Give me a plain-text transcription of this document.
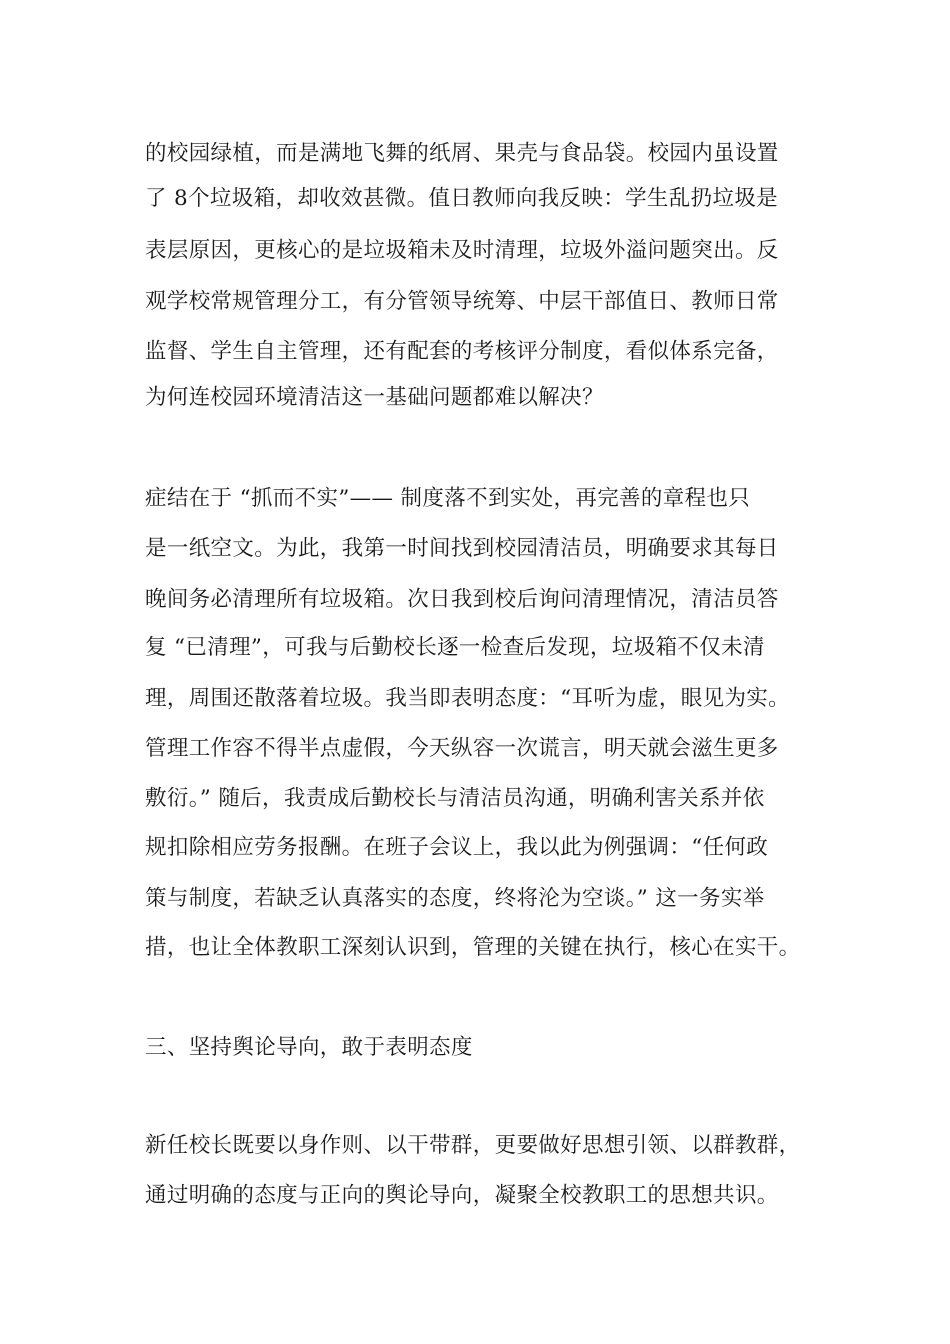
的校园绿植，而是满地飞舞的纸屑、果壳与食品袋。校园内虽设置
了 8个垃圾箱，却收效甚微。值日教师向我反映：学生乱扔垃圾是
表层原因，更核心的是垃圾箱未及时清理，垃圾外溢问题突出。反
观学校常规管理分工，有分管领导统筹、中层干部值日、教师日常
监督、学生自主管理，还有配套的考核评分制度，看似体系完备，
为何连校园环境清洁这一基础问题都难以解决？
症结在于 “抓而不实”—— 制度落不到实处，再完善的章程也只
是一纸空文。为此，我第一时间找到校园清洁员，明确要求其每日
晚间务必清理所有垃圾箱。次日我到校后询问清理情况，清洁员答
复 “已清理”，可我与后勤校长逐一检查后发现，垃圾箱不仅未清
理，周围还散落着垃圾。我当即表明态度：“耳听为虚，眼见为实。
管理工作容不得半点虚假，今天纵容一次谎言，明天就会滋生更多
敷衍。” 随后，我责成后勤校长与清洁员沟通，明确利害关系并依
规扣除相应劳务报酬。在班子会议上，我以此为例强调：“任何政
策与制度，若缺乏认真落实的态度，终将沦为空谈。” 这一务实举
措，也让全体教职工深刻认识到，管理的关键在执行，核心在实干。
三、坚持舆论导向，敢于表明态度
新任校长既要以身作则、以干带群，更要做好思想引领、以群教群，
通过明确的态度与正向的舆论导向，凝聚全校教职工的思想共识。
